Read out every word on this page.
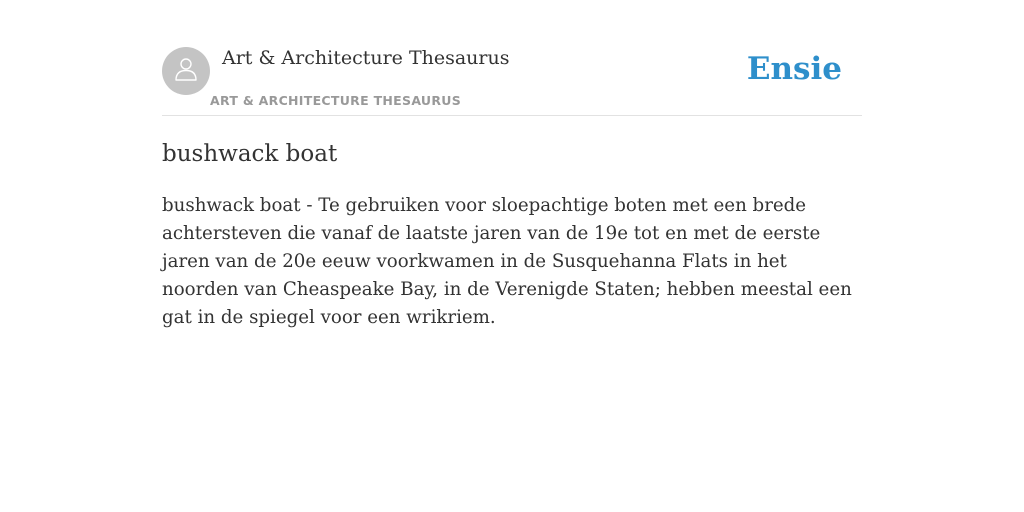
Art & Architecture Thesaurus
ART & ARCHITECTURE THESAURUS
Ensie
bushwack boat

bushwack boat - Te gebruiken voor sloepachtige boten met een brede achtersteven die vanaf de laatste jaren van de 19e tot en met de eerste jaren van de 20e eeuw voorkwamen in de Susquehanna Flats in het noorden van Cheaspeake Bay, in de Verenigde Staten; hebben meestal een gat in de spiegel voor een wrikriem.
